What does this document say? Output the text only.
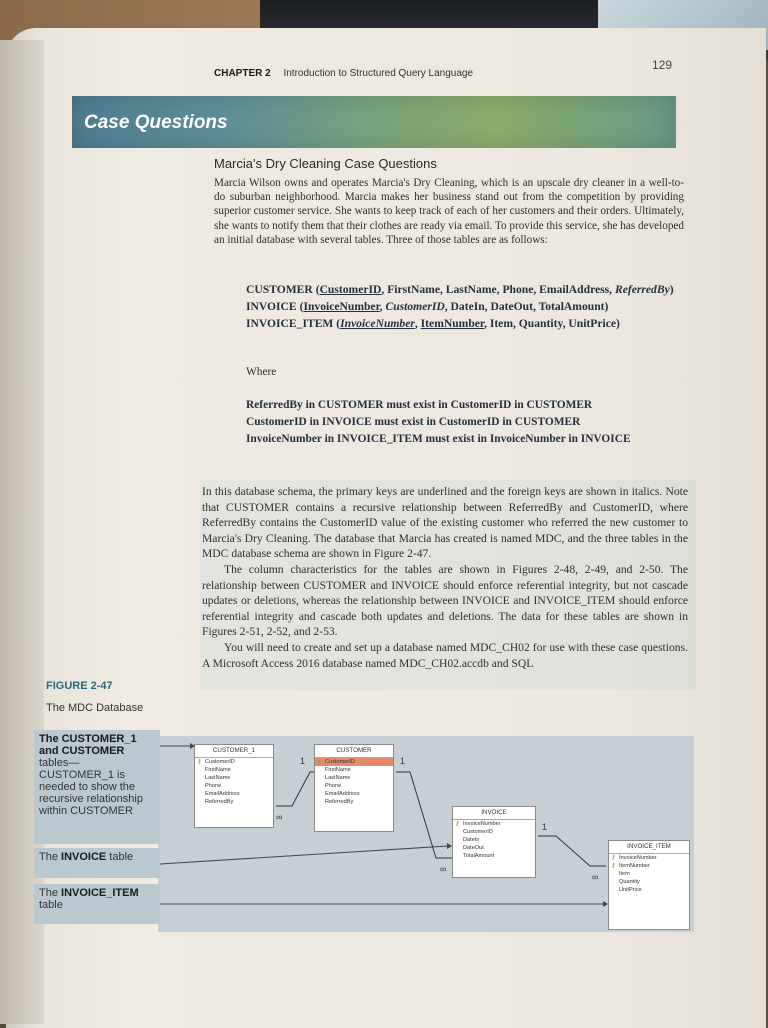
CHAPTER 2 Introduction to Structured Query Language
129
Case Questions
Marcia's Dry Cleaning Case Questions
Marcia Wilson owns and operates Marcia's Dry Cleaning, which is an upscale dry cleaner in a well-to-do suburban neighborhood. Marcia makes her business stand out from the competition by providing superior customer service. She wants to keep track of each of her customers and their orders. Ultimately, she wants to notify them that their clothes are ready via email. To provide this service, she has developed an initial database with several tables. Three of those tables are as follows:
CUSTOMER (CustomerID, FirstName, LastName, Phone, EmailAddress, ReferredBy)
INVOICE (InvoiceNumber, CustomerID, DateIn, DateOut, TotalAmount)
INVOICE_ITEM (InvoiceNumber, ItemNumber, Item, Quantity, UnitPrice)
Where
ReferredBy in CUSTOMER must exist in CustomerID in CUSTOMER
CustomerID in INVOICE must exist in CustomerID in CUSTOMER
InvoiceNumber in INVOICE_ITEM must exist in InvoiceNumber in INVOICE

In this database schema, the primary keys are underlined and the foreign keys are shown in italics. Note that CUSTOMER contains a recursive relationship between ReferredBy and CustomerID, where ReferredBy contains the CustomerID value of the existing customer who referred the new customer to Marcia's Dry Cleaning. The database that Marcia has created is named MDC, and the three tables in the MDC database schema are shown in Figure 2-47.

The column characteristics for the tables are shown in Figures 2-48, 2-49, and 2-50. The relationship between CUSTOMER and INVOICE should enforce referential integrity, but not cascade updates or deletions, whereas the relationship between INVOICE and INVOICE_ITEM should enforce referential integrity and cascade both updates and deletions. The data for these tables are shown in Figures 2-51, 2-52, and 2-53.

You will need to create and set up a database named MDC_CH02 for use with these case questions. A Microsoft Access 2016 database named MDC_CH02.accdb and SQL

FIGURE 2-47
The MDC Database
The CUSTOMER_1 and CUSTOMER
tables— CUSTOMER_1 is needed to show the recursive relationship within CUSTOMER
The INVOICE table
The INVOICE_ITEM table
CUSTOMER_1
⚷ CustomerID
FirstName
LastName
Phone
EmailAddress
ReferredBy
CUSTOMER
⚷ CustomerID
FirstName
LastName
Phone
EmailAddress
ReferredBy
INVOICE
⚷ InvoiceNumber
CustomerID
DateIn
DateOut
TotalAmount
INVOICE_ITEM
⚷ InvoiceNumber
⚷ ItemNumber
Item
Quantity
UnitPrice
1
∞
1
∞
1
∞
